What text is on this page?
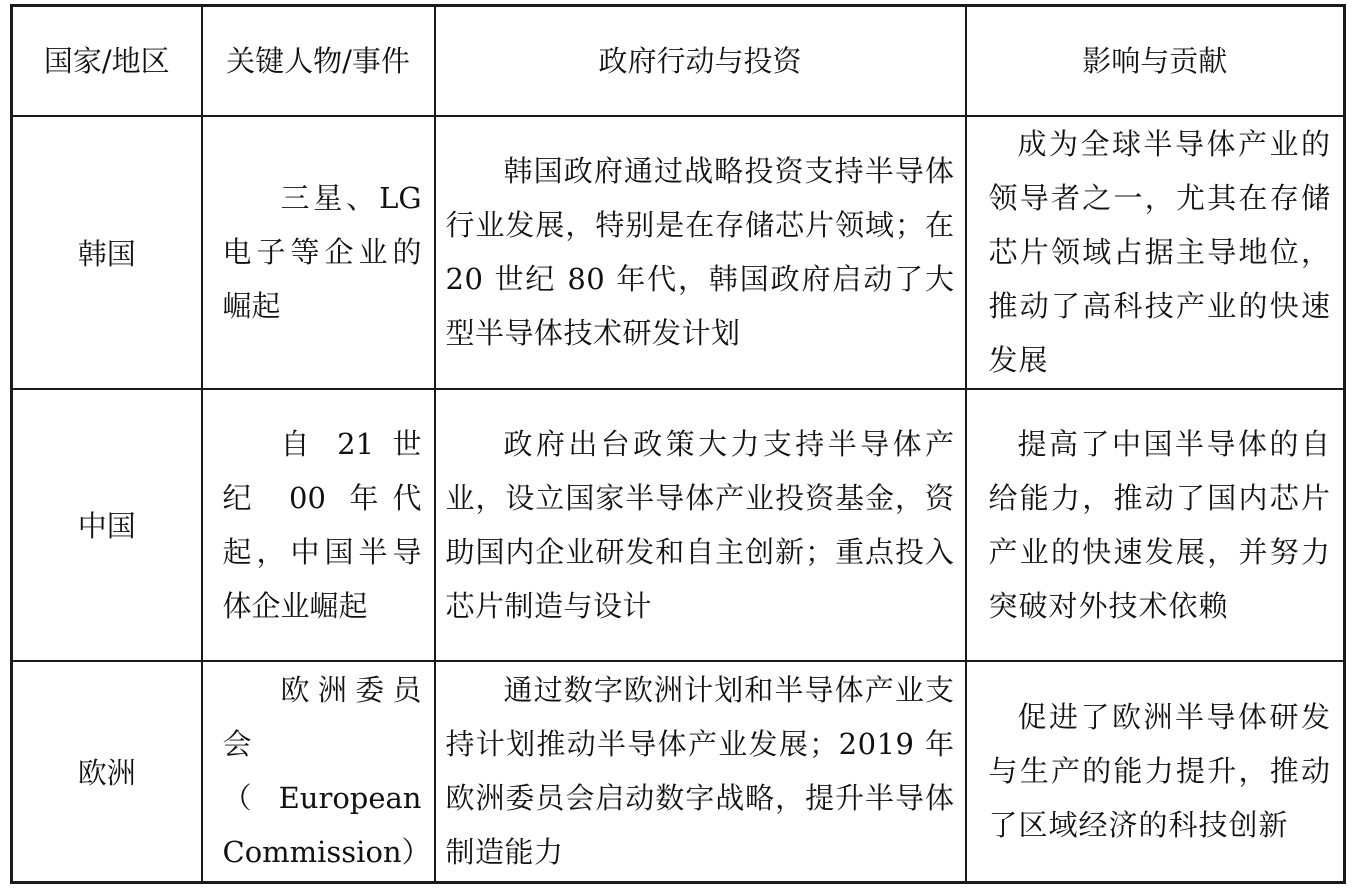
国家/地区	关键人物/事件	政府行动与投资	影响与贡献
韩国	三星、LG电子等企业的崛起	韩国政府通过战略投资支持半导体行业发展，特别是在存储芯片领域；在 20 世纪 80 年代，韩国政府启动了大型半导体技术研发计划	成为全球半导体产业的领导者之一，尤其在存储芯片领域占据主导地位，推动了高科技产业的快速发展

中国	自 21 世纪 00 年代起，中国半导体企业崛起	政府出台政策大力支持半导体产业，设立国家半导体产业投资基金，资助国内企业研发和自主创新；重点投入芯片制造与设计	提高了中国半导体的自给能力，推动了国内芯片产业的快速发展，并努力突破对外技术依赖

欧洲	欧洲委员会（European Commission）	通过数字欧洲计划和半导体产业支持计划推动半导体产业发展；2019 年欧洲委员会启动数字战略，提升半导体制造能力	促进了欧洲半导体研发与生产的能力提升，推动了区域经济的科技创新
